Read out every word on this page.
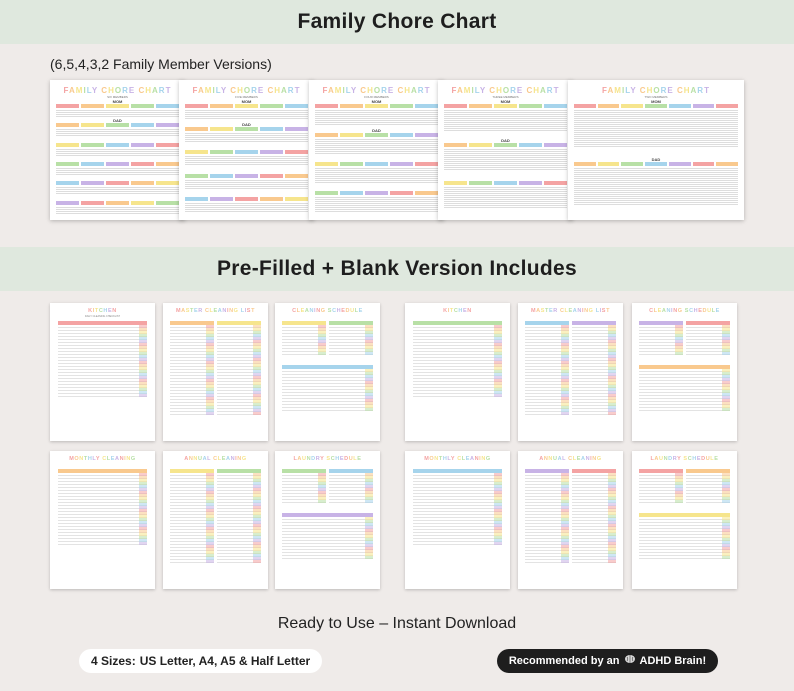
Family Chore Chart
(6,5,4,3,2 Family Member Versions)
FAMILY CHORE CHART
SIX MEMBERS
MOM
DAD
FAMILY CHORE CHART
FIVE MEMBERS
MOM
DAD
FAMILY CHORE CHART
FOUR MEMBERS
MOM
DAD
FAMILY CHORE CHART
THREE MEMBERS
MOM
DAD
FAMILY CHORE CHART
TWO MEMBERS
MOM
DAD
Pre-Filled + Blank Version Includes
KITCHEN
DAILY CLEANING CHECKLIST
MASTER CLEANING LIST	CLEANING SCHEDULE	KITCHEN	MASTER CLEANING LIST	CLEANING SCHEDULE
MONTHLY CLEANING	ANNUAL CLEANING	LAUNDRY SCHEDULE	MONTHLY CLEANING	ANNUAL CLEANING	LAUNDRY SCHEDULE
Ready to Use – Instant Download
4 Sizes: US Letter, A4, A5 & Half Letter	Recommended by an ADHD Brain!
